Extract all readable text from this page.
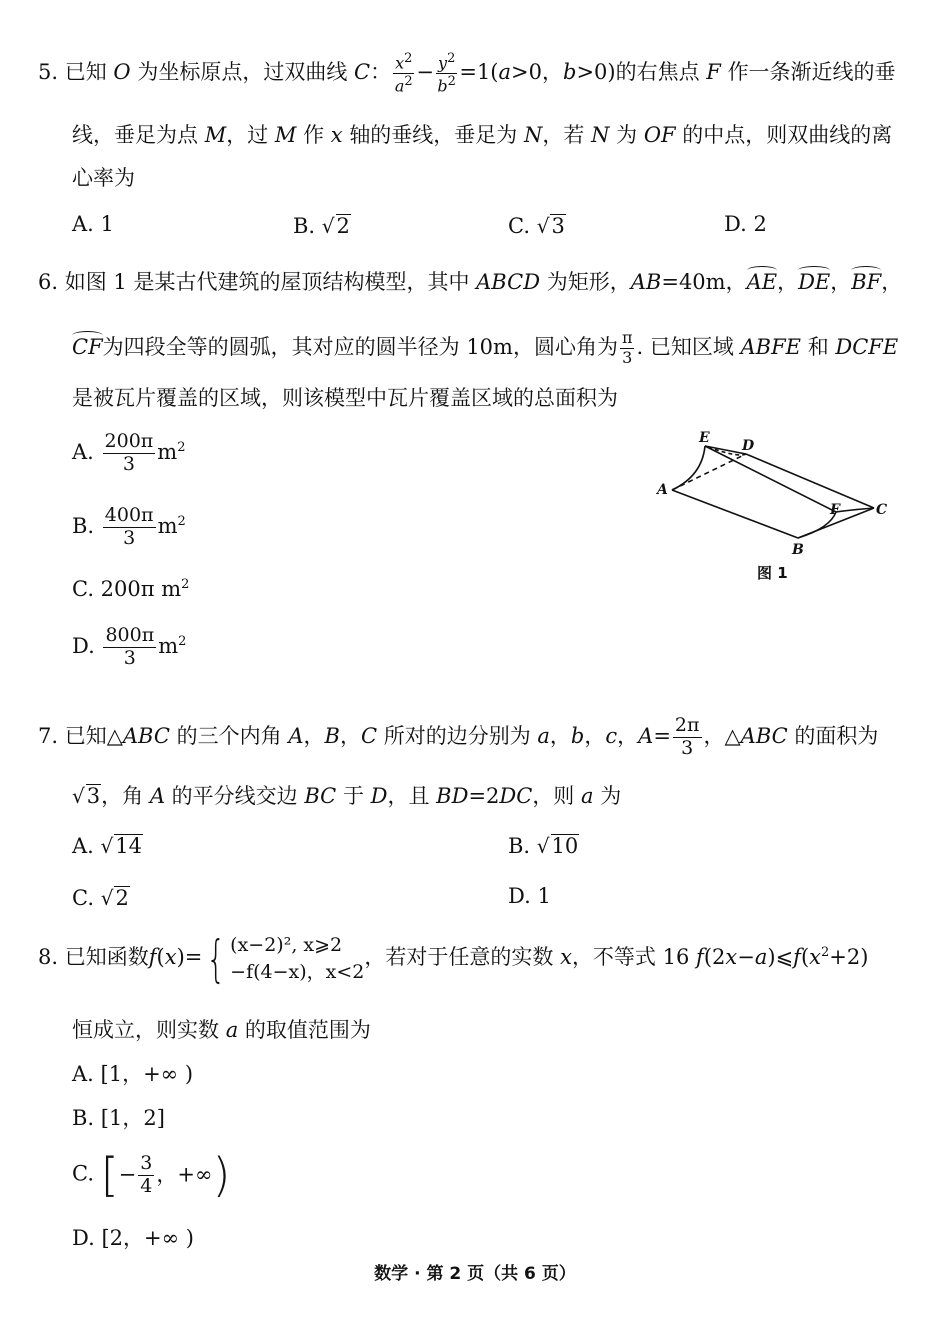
5. 已知 O 为坐标原点，过双曲线 C： $\frac{x^2}{a^2} - \frac{y^2}{b^2} =1(a>0$，b>0)的右焦点 F 作一条渐近线的垂
线，垂足为点 M，过 M 作 x 轴的垂线，垂足为 N，若 N 为 OF 的中点，则双曲线的离
心率为
A. 1	B. √2	C. √3	D. 2
6. 如图 1 是某古代建筑的屋顶结构模型，其中 ABCD 为矩形，AB=40m，AE，DE，BF，
CF为四段全等的圆弧，其对应的圆半径为 10m，圆心角为 $\frac{\pi}{3}$ . 已知区域 ABFE 和 DCFE
是被瓦片覆盖的区域，则该模型中瓦片覆盖区域的总面积为
A. $\frac{200\pi}{3} m^2$
B. $\frac{400\pi}{3} m^2$
C. 200π $m^2$
D. $\frac{800\pi}{3} m^2$
E D
A
F	C
B
图 1
7. 已知△ABC 的三个内角 A，B，C 所对的边分别为 a，b，c，$A= \frac{2\pi}{3}$ ，△ABC 的面积为
√3，角 A 的平分线交边 BC 于 D，且 BD=2DC，则 a 为
A. √14	B. √10
C. √2	D. 1
8. 已知函数f(x)={ (x−2)², x⩾2
−f(4−x)，x<2
，若对于任意的实数 x，不等式 16 $f(2x-a)⩽f(x^2+2)$
恒成立，则实数 a 的取值范围为
A. [1，+∞ )
B. [1，2]
C. [− $\frac{3}{4}$ ，+∞)
D. [2，+∞ )
数学 · 第 2 页（共 6 页）
